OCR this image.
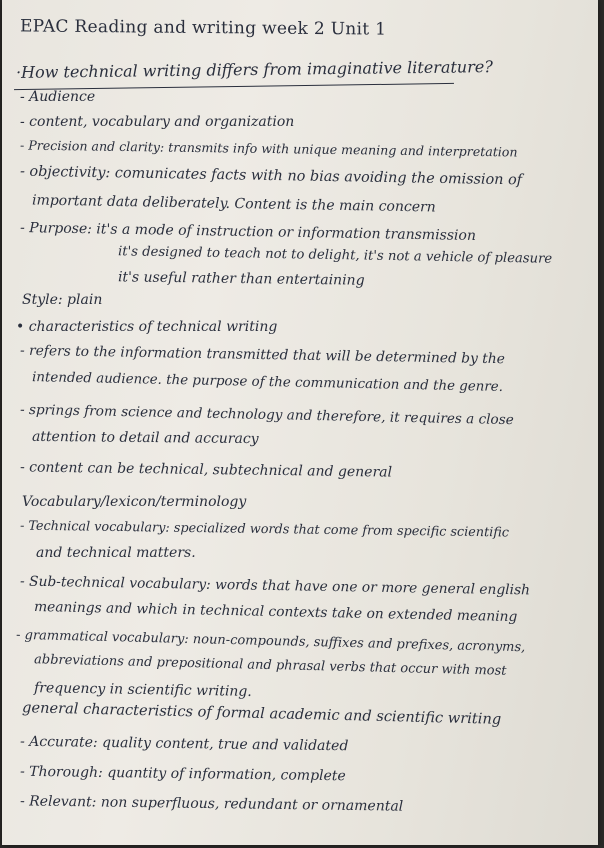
EPAC Reading and writing week 2 Unit 1
·How technical writing differs from imaginative literature?
- Audience
- content, vocabulary and organization
- Precision and clarity: transmits info with unique meaning and interpretation
- objectivity: comunicates facts with no bias avoiding the omission of
important data deliberately. Content is the main concern
- Purpose: it's a mode of instruction or information transmission
it's designed to teach not to delight, it's not a vehicle of pleasure
it's useful rather than entertaining
Style: plain
• characteristics of technical writing
- refers to the information transmitted that will be determined by the
intended audience. the purpose of the communication and the genre.
- springs from science and technology and therefore, it requires a close
attention to detail and accuracy
- content can be technical, subtechnical and general
Vocabulary/lexicon/terminology
- Technical vocabulary: specialized words that come from specific scientific
and technical matters.
- Sub-technical vocabulary: words that have one or more general english
meanings and which in technical contexts take on extended meaning
- grammatical vocabulary: noun-compounds, suffixes and prefixes, acronyms,
abbreviations and prepositional and phrasal verbs that occur with most
frequency in scientific writing.
general characteristics of formal academic and scientific writing
- Accurate: quality content, true and validated
- Thorough: quantity of information, complete
- Relevant: non superfluous, redundant or ornamental
